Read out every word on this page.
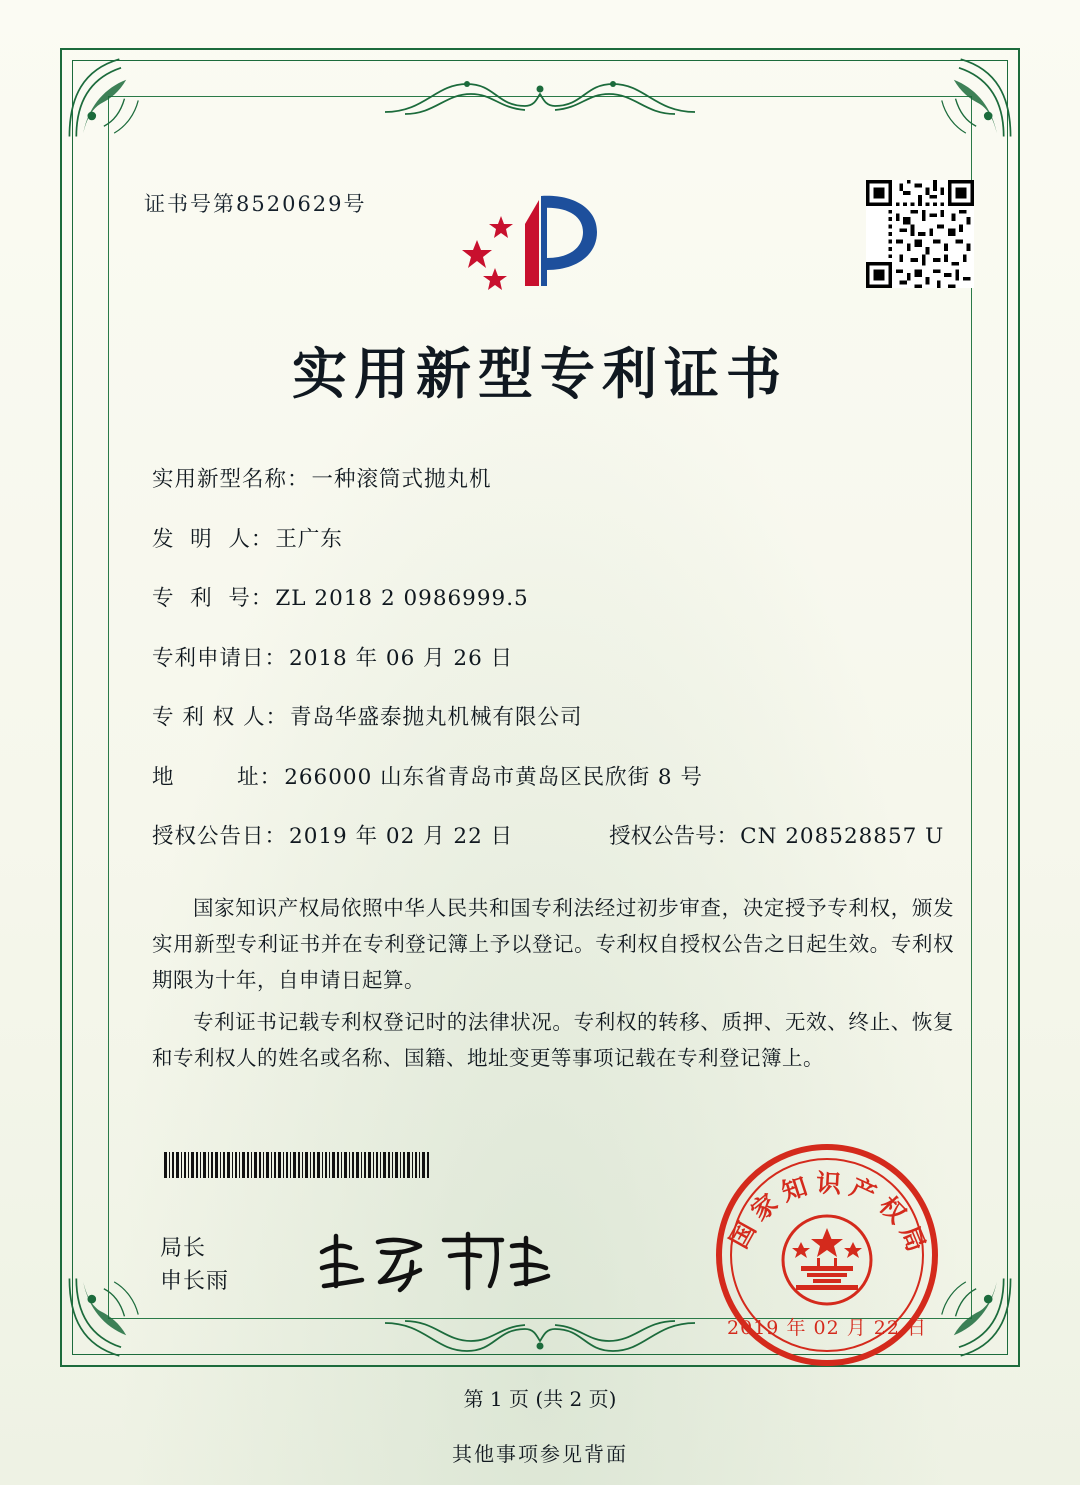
证书号第8520629号
实用新型专利证书
实用新型名称： 一种滚筒式抛丸机
发  明  人： 王广东
专  利  号： ZL 2018 2 0986999.5
专利申请日： 2018 年 06 月 26 日
专 利 权 人： 青岛华盛泰抛丸机械有限公司
地        址： 266000 山东省青岛市黄岛区民欣街 8 号
授权公告日： 2019 年 02 月 22 日	授权公告号： CN 208528857 U

国家知识产权局依照中华人民共和国专利法经过初步审查，决定授予专利权，颁发实用新型专利证书并在专利登记簿上予以登记。专利权自授权公告之日起生效。专利权期限为十年，自申请日起算。

专利证书记载专利权登记时的法律状况。专利权的转移、质押、无效、终止、恢复和专利权人的姓名或名称、国籍、地址变更等事项记载在专利登记簿上。

局长
申长雨
国家知识产权局
2019 年 02 月 22 日
第 1 页 (共 2 页)
其他事项参见背面
